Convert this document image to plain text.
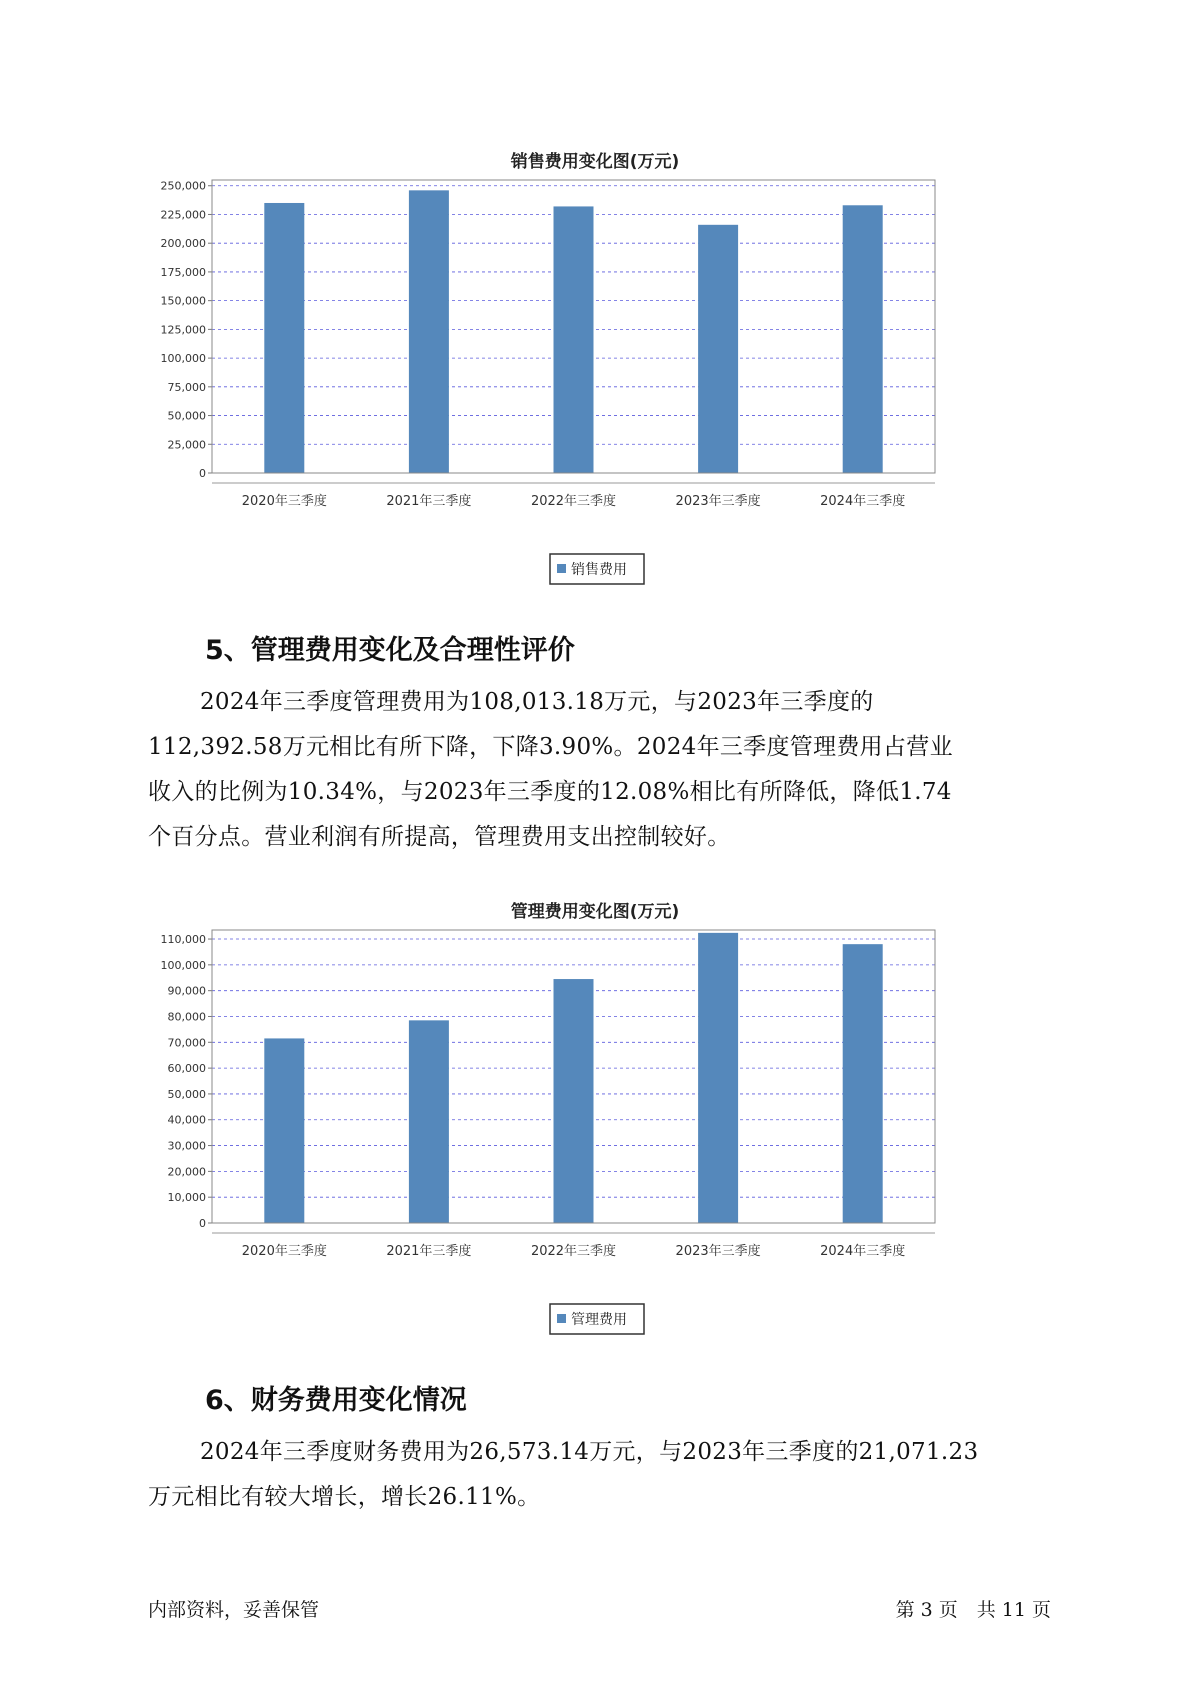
销售费用变化图(万元)
0
25,000
50,000
75,000
100,000
125,000
150,000
175,000
200,000
225,000
250,000
2020年三季度	2021年三季度	2022年三季度	2023年三季度	2024年三季度
销售费用
5、管理费用变化及合理性评价

2024年三季度管理费用为108,013.18万元，与2023年三季度的
112,392.58万元相比有所下降，下降3.90%。2024年三季度管理费用占营业
收入的比例为10.34%，与2023年三季度的12.08%相比有所降低，降低1.74
个百分点。营业利润有所提高，管理费用支出控制较好。

管理费用变化图(万元)
0
10,000
20,000
30,000
40,000
50,000
60,000
70,000
80,000
90,000
100,000
110,000
2020年三季度	2021年三季度	2022年三季度	2023年三季度	2024年三季度
管理费用
6、财务费用变化情况

2024年三季度财务费用为26,573.14万元，与2023年三季度的21,071.23
万元相比有较大增长，增长26.11%。

内部资料，妥善保管	第 3 页　共 11 页
